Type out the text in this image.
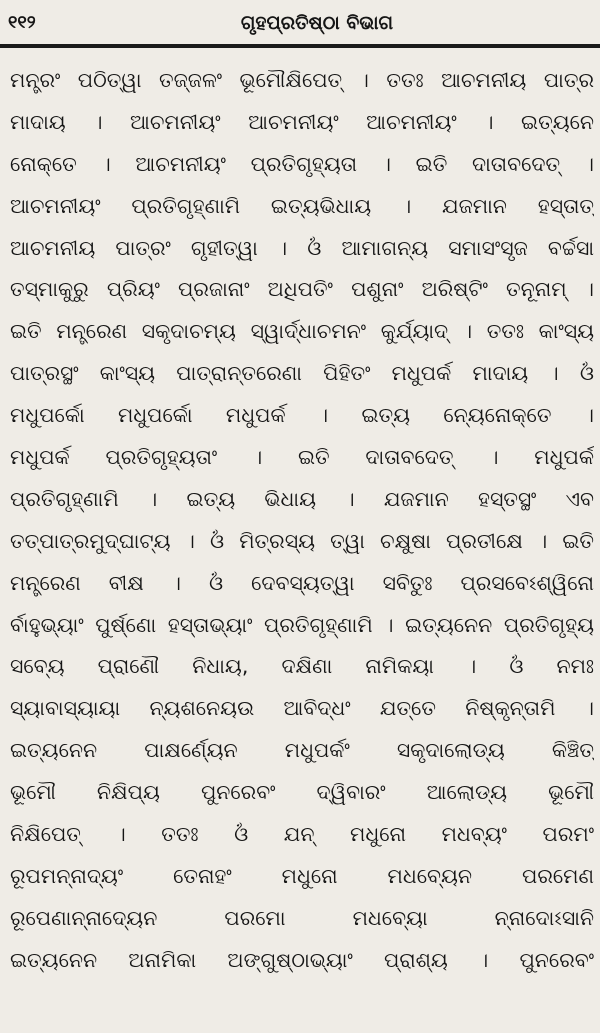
୧୧୨	ଗୃହପ୍ରତିଷ୍ଠା ବିଭାଗ
ମନ୍ତ୍ରଂ ପଠିତ୍ୱା ତଜ୍ଜଳଂ ଭୂମୌକ୍ଷିପେତ୍ । ତତଃ ଆଚମନୀୟ ପାତ୍ର
ମାଦାୟ । ଆଚମନୀୟଂ ଆଚମନୀୟଂ ଆଚମନୀୟଂ । ଇତ୍ୟନେ
ନୋକ୍ତେ । ଆଚମନୀୟଂ ପ୍ରତିଗୃହ୍ୟତା । ଇତି ଦାତାବଦେତ୍ ।
ଆଚମନୀୟଂ ପ୍ରତିଗୃହ୍ଣାମି ଇତ୍ୟଭିଧାୟ । ଯଜମାନ ହସ୍ତାତ୍
ଆଚମନୀୟ ପାତ୍ରଂ ଗୃହୀତ୍ୱା । ଓଁ ଆମାଗନ୍ୟ ସମାସଂସୃଜ ବର୍ଚ୍ଚସା
ତସ୍ମାକୁରୁ ପ୍ରିୟଂ ପ୍ରଜାନାଂ ଅଧିପତିଂ ପଶୁନାଂ ଅରିଷ୍ଟିଂ ତନୂନାମ୍ ।
ଇତି ମନ୍ତ୍ରେଣ ସକୃଦାଚମ୍ୟ ସ୍ୱାର୍ଦ୍ଧାଚମନଂ କୁର୍ଯ୍ୟାଦ୍ । ତତଃ କାଂସ୍ୟ
ପାତ୍ରସ୍ଥଂ କାଂସ୍ୟ ପାତ୍ରାନ୍ତରେଣା ପିହିତଂ ମଧୁପର୍କ ମାଦାୟ । ଓଁ
ମଧୁପର୍କୋ ମଧୁପର୍କୋ ମଧୁପର୍କ । ଇତ୍ୟ ନ୍ୟେନୋକ୍ତେ ।
ମଧୁପର୍କ ପ୍ରତିଗୃହ୍ୟତାଂ । ଇତି ଦାତାବଦେତ୍ । ମଧୁପର୍କ
ପ୍ରତିଗୃହ୍ଣାମି । ଇତ୍ୟ ଭିଧାୟ । ଯଜମାନ ହସ୍ତସ୍ଥଂ ଏବ
ତତ୍ପାତ୍ରମୁଦ୍‌ଘାଟ୍ୟ । ଓଁ ମିତ୍ରସ୍ୟ ତ୍ୱା ଚକ୍ଷୁଷା ପ୍ରତୀକ୍ଷେ । ଇତି
ମନ୍ତ୍ରେଣ ବୀକ୍ଷ । ଓଁ ଦେବସ୍ୟତ୍ୱା ସବିତୁଃ ପ୍ରସବେଽଶ୍ୱିନୋ
ର୍ବାହୁଭ୍ୟାଂ ପୁର୍ଷ୍ଣୋ ହସ୍ତାଭ୍ୟାଂ ପ୍ରତିଗୃହ୍ଣାମି । ଇତ୍ୟନେନ ପ୍ରତିଗୃହ୍ୟ
ସବ୍ୟେ ପ୍ରାଣୌ ନିଧାୟ, ଦକ୍ଷିଣା ନାମିକୟା । ଓଁ ନମଃ
ସ୍ୟାବାସ୍ୟାୟା ନ୍ୟଶନେୟଉ ଆବିଦ୍ଧଂ ଯତ୍ତେ ନିଷ୍କୃନ୍ତାମି ।
ଇତ୍ୟନେନ ପାକ୍ଷର୍ଣ୍ୟେନ ମଧୁପର୍କଂ ସକୃଦାଲୋଡ୍ୟ କିଞ୍ଚିତ୍
ଭୂମୌ ନିକ୍ଷିପ୍ୟ ପୁନରେବଂ ଦ୍ୱିବାରଂ ଆଲୋଡ୍ୟ ଭୂମୌ
ନିକ୍ଷିପେତ୍ । ତତଃ ଓଁ ଯନ୍ ମଧୁନୋ ମଧବ୍ୟଂ ପରମଂ
ରୂପମନ୍ନାଦ୍ୟଂ ତେନାହଂ ମଧୁନୋ ମଧବ୍ୟେନ ପରମେଣ
ରୂପେଣାନ୍ନାଦ୍ୟେନ ପରମୋ ମଧବ୍ୟୋ ନ୍ନାଦୋଽସାନି
ଇତ୍ୟନେନ ଅନାମିକା ଅଙ୍ଗୁଷ୍ଠାଭ୍ୟାଂ ପ୍ରାଶ୍ୟ । ପୁନରେବଂ
